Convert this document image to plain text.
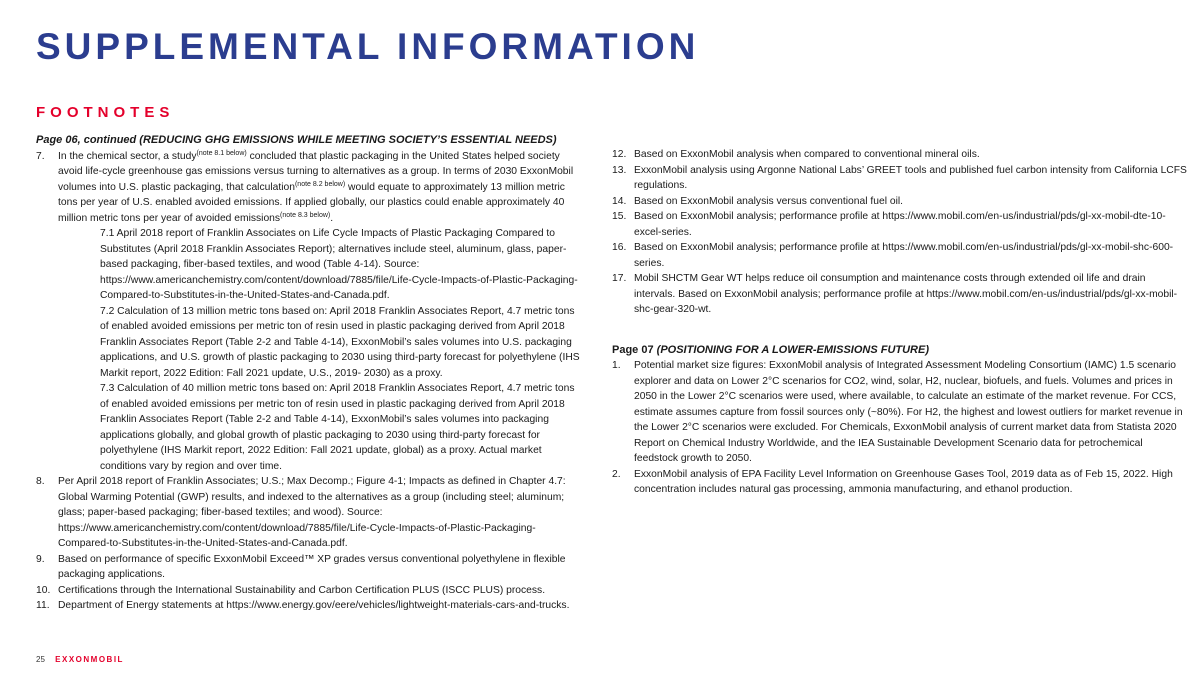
SUPPLEMENTAL INFORMATION
FOOTNOTES

Page 06, continued (REDUCING GHG EMISSIONS WHILE MEETING SOCIETY’S ESSENTIAL NEEDS)

7.	In the chemical sector, a study$^{(note 8.1 below)}$ concluded that plastic packaging in the United States helped society avoid life-cycle greenhouse gas emissions versus turning to alternatives as a group. In terms of 2030 ExxonMobil volumes into U.S. plastic packaging, that calculation$^{(note 8.2 below)}$ would equate to approximately 13 million metric tons per year of U.S. enabled avoided emissions. If applied globally, our plastics could enable approximately 40 million metric tons per year of avoided emissions$^{(note 8.3 below)}$.
7.1 April 2018 report of Franklin Associates on Life Cycle Impacts of Plastic Packaging Compared to Substitutes (April 2018 Franklin Associates Report); alternatives include steel, aluminum, glass, paper-based packaging, fiber-based textiles, and wood (Table 4-14). Source: https://www.americanchemistry.com/content/download/7885/file/Life-Cycle-Impacts-of-Plastic-Packaging-Compared-to-Substitutes-in-the-United-States-and-Canada.pdf.
7.2 Calculation of 13 million metric tons based on: April 2018 Franklin Associates Report, 4.7 metric tons of enabled avoided emissions per metric ton of resin used in plastic packaging derived from April 2018 Franklin Associates Report (Table 2-2 and Table 4-14), ExxonMobil’s sales volumes into U.S. packaging applications, and U.S. growth of plastic packaging to 2030 using third-party forecast for polyethylene (IHS Markit report, 2022 Edition: Fall 2021 update, U.S., 2019- 2030) as a proxy.
7.3 Calculation of 40 million metric tons based on: April 2018 Franklin Associates Report, 4.7 metric tons of enabled avoided emissions per metric ton of resin used in plastic packaging derived from April 2018 Franklin Associates Report (Table 2-2 and Table 4-14), ExxonMobil’s sales volumes into packaging applications globally, and global growth of plastic packaging to 2030 using third-party forecast for polyethylene (IHS Markit report, 2022 Edition: Fall 2021 update, global) as a proxy. Actual market conditions vary by region and over time.
8.	Per April 2018 report of Franklin Associates; U.S.; Max Decomp.; Figure 4-1; Impacts as defined in Chapter 4.7: Global Warming Potential (GWP) results, and indexed to the alternatives as a group (including steel; aluminum; glass; paper-based packaging; fiber-based textiles; and wood). Source: https://www.americanchemistry.com/content/download/7885/file/Life-Cycle-Impacts-of-Plastic-Packaging-Compared-to-Substitutes-in-the-United-States-and-Canada.pdf.
9.	Based on performance of specific ExxonMobil Exceed™ XP grades versus conventional polyethylene in flexible packaging applications.
10. Certifications through the International Sustainability and Carbon Certification PLUS (ISCC PLUS) process.
11. Department of Energy statements at https://www.energy.gov/eere/vehicles/lightweight-materials-cars-and-trucks.
12. Based on ExxonMobil analysis when compared to conventional mineral oils.
13. ExxonMobil analysis using Argonne National Labs’ GREET tools and published fuel carbon intensity from California LCFS regulations.
14. Based on ExxonMobil analysis versus conventional fuel oil.
15. Based on ExxonMobil analysis; performance profile at https://www.mobil.com/en-us/industrial/pds/gl-xx-mobil-dte-10-excel-series.
16. Based on ExxonMobil analysis; performance profile at https://www.mobil.com/en-us/industrial/pds/gl-xx-mobil-shc-600-series.
17. Mobil SHCTM Gear WT helps reduce oil consumption and maintenance costs through extended oil life and drain intervals. Based on ExxonMobil analysis; performance profile at https://www.mobil.com/en-us/industrial/pds/gl-xx-mobil-shc-gear-320-wt.

Page 07 (POSITIONING FOR A LOWER-EMISSIONS FUTURE)

1.	Potential market size figures: ExxonMobil analysis of Integrated Assessment Modeling Consortium (IAMC) 1.5 scenario explorer and data on Lower 2°C scenarios for CO2, wind, solar, H2, nuclear, biofuels, and fuels. Volumes and prices in 2050 in the Lower 2°C scenarios were used, where available, to calculate an estimate of the market revenue. For CCS, estimate assumes capture from fossil sources only (~80%). For H2, the highest and lowest outliers for market revenue in the Lower 2°C scenarios were excluded. For Chemicals, ExxonMobil analysis of current market data from Statista 2020 Report on Chemical Industry Worldwide, and the IEA Sustainable Development Scenario data for petrochemical feedstock growth to 2050.
2.	ExxonMobil analysis of EPA Facility Level Information on Greenhouse Gases Tool, 2019 data as of Feb 15, 2022. High concentration includes natural gas processing, ammonia manufacturing, and ethanol production.
25 EXXONMOBIL
